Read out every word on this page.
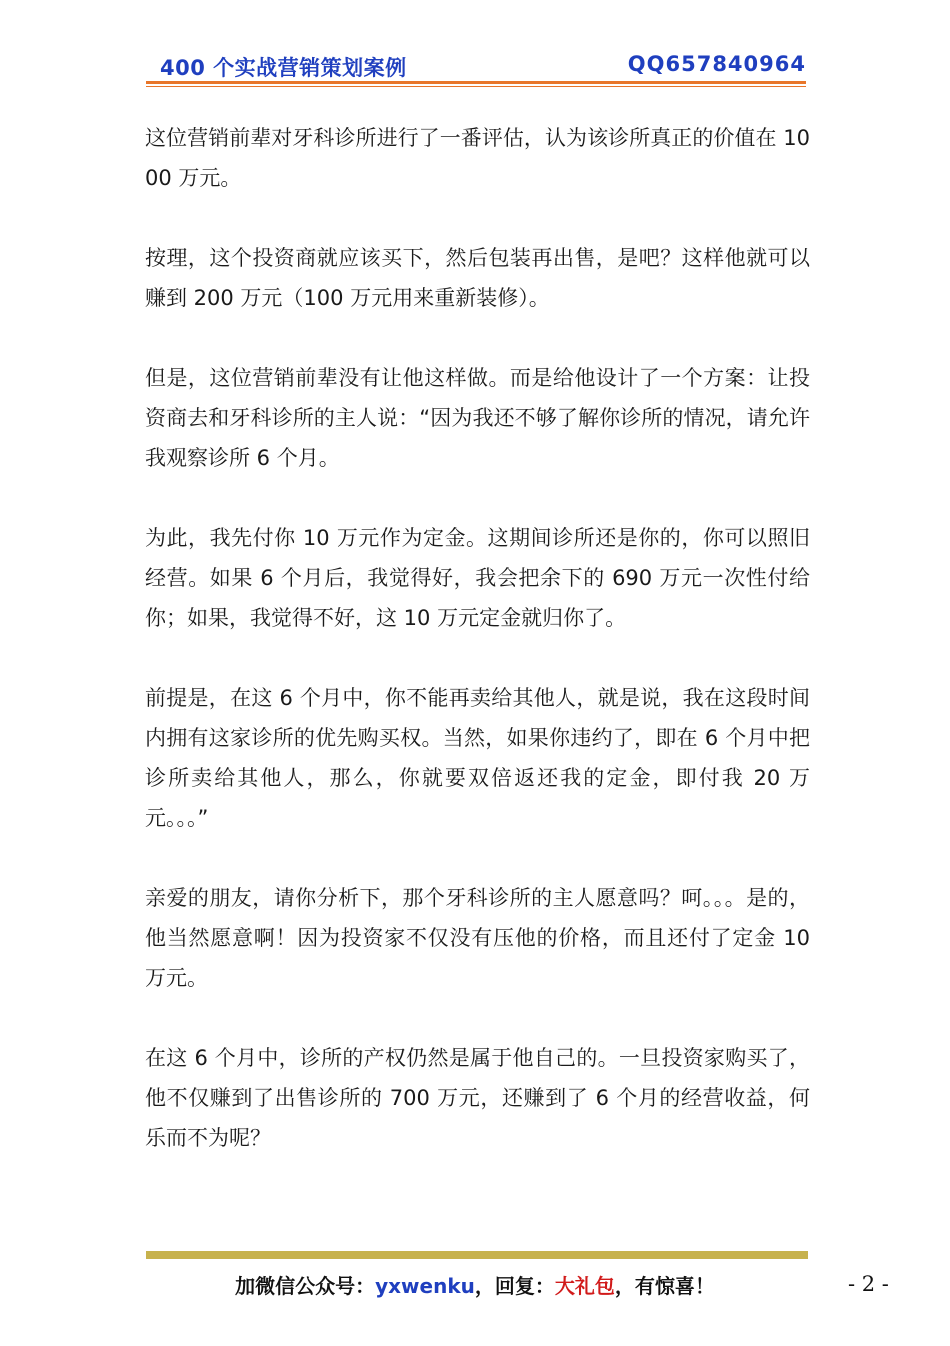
400 个实战营销策划案例	QQ657840964

这位营销前辈对牙科诊所进行了一番评估，认为该诊所真正的价值在 1000 万元。

按理，这个投资商就应该买下，然后包装再出售，是吧？这样他就可以赚到 200 万元（100 万元用来重新装修）。

但是，这位营销前辈没有让他这样做。而是给他设计了一个方案：让投资商去和牙科诊所的主人说：“因为我还不够了解你诊所的情况，请允许我观察诊所 6 个月。

为此，我先付你 10 万元作为定金。这期间诊所还是你的，你可以照旧经营。如果 6 个月后，我觉得好，我会把余下的 690 万元一次性付给你；如果，我觉得不好，这 10 万元定金就归你了。

前提是，在这 6 个月中，你不能再卖给其他人，就是说，我在这段时间内拥有这家诊所的优先购买权。当然，如果你违约了，即在 6 个月中把诊所卖给其他人，那么，你就要双倍返还我的定金，即付我 20 万元。。。”

亲爱的朋友，请你分析下，那个牙科诊所的主人愿意吗？呵。。。是的，他当然愿意啊！因为投资家不仅没有压他的价格，而且还付了定金 10 万元。

在这 6 个月中，诊所的产权仍然是属于他自己的。一旦投资家购买了，他不仅赚到了出售诊所的 700 万元，还赚到了 6 个月的经营收益，何乐而不为呢？

加微信公众号：yxwenku，回复：大礼包，有惊喜！	- 2 -
